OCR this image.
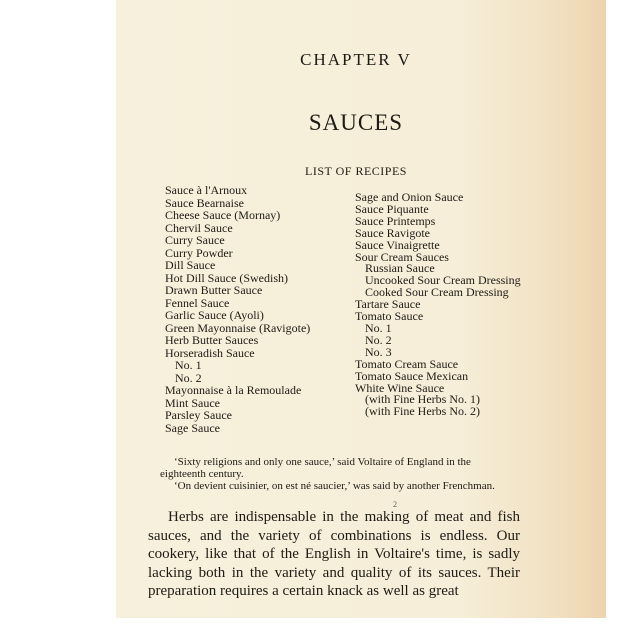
CHAPTER V
SAUCES
LIST OF RECIPES
Sauce à l'Arnoux
Sauce Bearnaise
Cheese Sauce (Mornay)
Chervil Sauce
Curry Sauce
Curry Powder
Dill Sauce
Hot Dill Sauce (Swedish)
Drawn Butter Sauce
Fennel Sauce
Garlic Sauce (Ayoli)
Green Mayonnaise (Ravigote)
Herb Butter Sauces
Horseradish Sauce
No. 1
No. 2
Mayonnaise à la Remoulade
Mint Sauce
Parsley Sauce
Sage Sauce
Sage and Onion Sauce
Sauce Piquante
Sauce Printemps
Sauce Ravigote
Sauce Vinaigrette
Sour Cream Sauces
Russian Sauce
Uncooked Sour Cream Dressing
Cooked Sour Cream Dressing
Tartare Sauce
Tomato Sauce
No. 1
No. 2
No. 3
Tomato Cream Sauce
Tomato Sauce Mexican
White Wine Sauce
(with Fine Herbs No. 1)
(with Fine Herbs No. 2)

‘Sixty religions and only one sauce,’ said Voltaire of England in the eighteenth century.

‘On devient cuisinier, on est né saucier,’ was said by another Frenchman.

2

Herbs are indispensable in the making of meat and fish sauces, and the variety of combinations is endless. Our cookery, like that of the English in Voltaire's time, is sadly lacking both in the variety and quality of its sauces. Their preparation requires a certain knack as well as great
